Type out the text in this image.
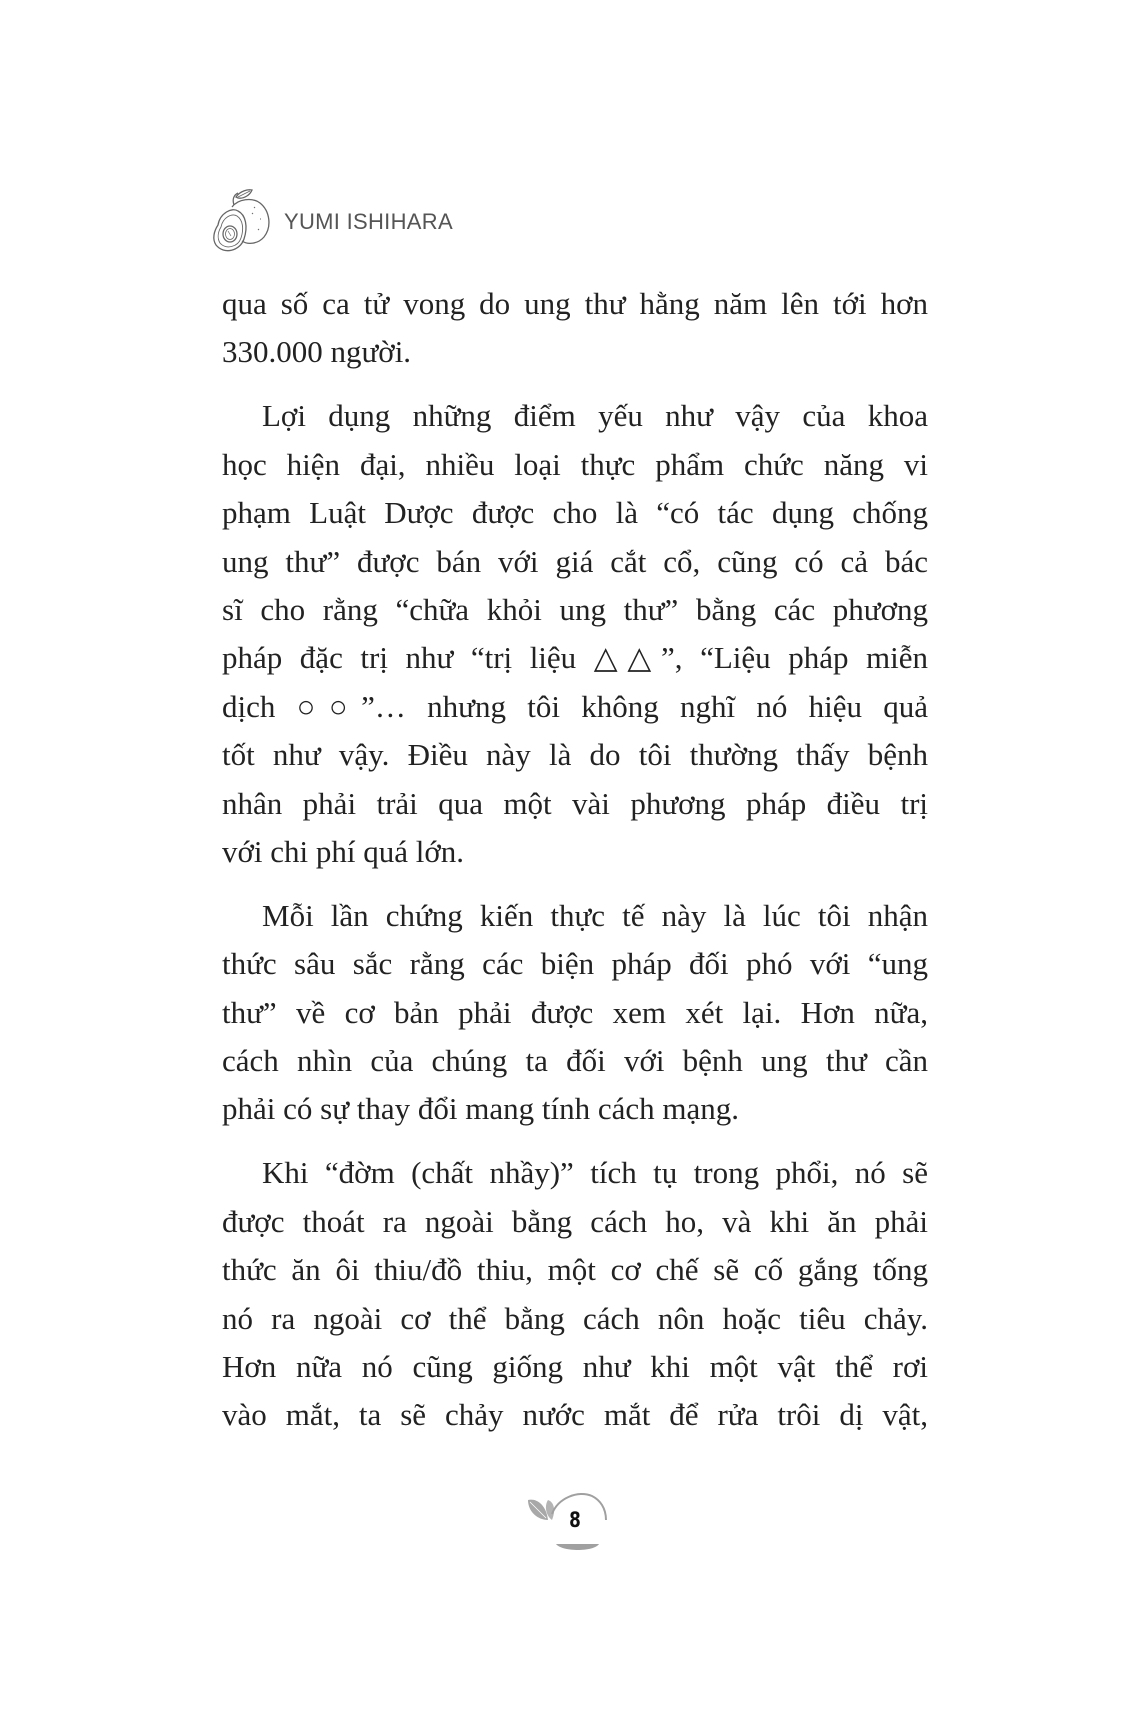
YUMI ISHIHARA
qua số ca tử vong do ung thư hằng năm lên tới hơn
330.000 người.
Lợi dụng những điểm yếu như vậy của khoa
học hiện đại, nhiều loại thực phẩm chức năng vi
phạm Luật Dược được cho là “có tác dụng chống
ung thư” được bán với giá cắt cổ, cũng có cả bác
sĩ cho rằng “chữa khỏi ung thư” bằng các phương
pháp đặc trị như “trị liệu △△”, “Liệu pháp miễn
dịch ○○”… nhưng tôi không nghĩ nó hiệu quả
tốt như vậy. Điều này là do tôi thường thấy bệnh
nhân phải trải qua một vài phương pháp điều trị
với chi phí quá lớn.
Mỗi lần chứng kiến thực tế này là lúc tôi nhận
thức sâu sắc rằng các biện pháp đối phó với “ung
thư” về cơ bản phải được xem xét lại. Hơn nữa,
cách nhìn của chúng ta đối với bệnh ung thư cần
phải có sự thay đổi mang tính cách mạng.
Khi “đờm (chất nhầy)” tích tụ trong phổi, nó sẽ
được thoát ra ngoài bằng cách ho, và khi ăn phải
thức ăn ôi thiu/đồ thiu, một cơ chế sẽ cố gắng tống
nó ra ngoài cơ thể bằng cách nôn hoặc tiêu chảy.
Hơn nữa nó cũng giống như khi một vật thể rơi
vào mắt, ta sẽ chảy nước mắt để rửa trôi dị vật,
8
